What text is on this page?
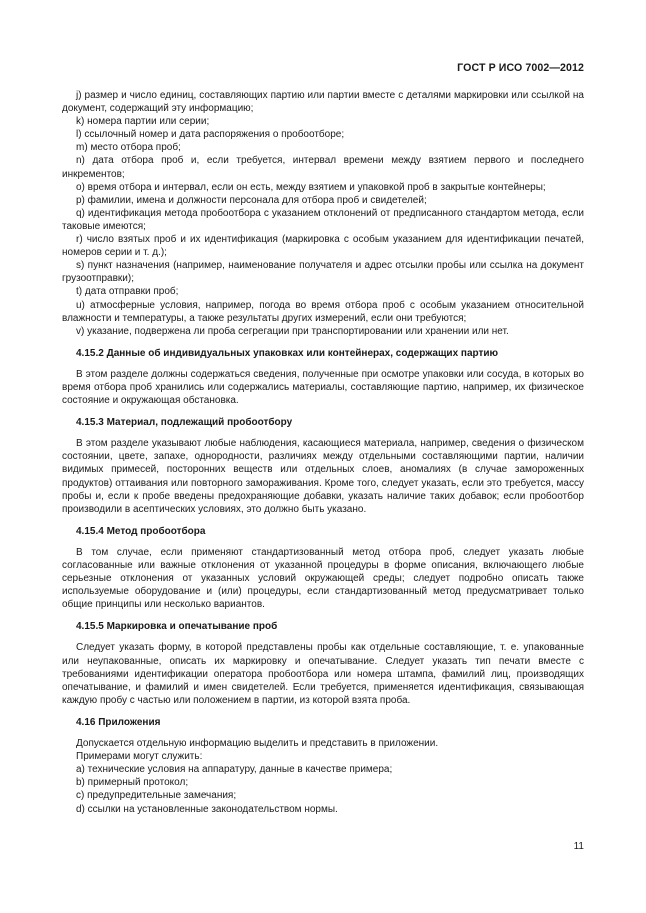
ГОСТ Р ИСО 7002—2012

j) размер и число единиц, составляющих партию или партии вместе с деталями маркировки или ссылкой на документ, содержащий эту информацию;

k) номера партии или серии;

l) ссылочный номер и дата распоряжения о пробоотборе;

m) место отбора проб;

n) дата отбора проб и, если требуется, интервал времени между взятием первого и последнего инкрементов;

o) время отбора и интервал, если он есть, между взятием и упаковкой проб в закрытые контейнеры;

p) фамилии, имена и должности персонала для отбора проб и свидетелей;

q) идентификация метода пробоотбора с указанием отклонений от предписанного стандартом метода, если таковые имеются;

r) число взятых проб и их идентификация (маркировка с особым указанием для идентификации печатей, номеров серии и т. д.);

s) пункт назначения (например, наименование получателя и адрес отсылки пробы или ссылка на документ грузоотправки);

t) дата отправки проб;

u) атмосферные условия, например, погода во время отбора проб с особым указанием относительной влажности и температуры, а также результаты других измерений, если они требуются;

v) указание, подвержена ли проба сегрегации при транспортировании или хранении или нет.

4.15.2 Данные об индивидуальных упаковках или контейнерах, содержащих партию

В этом разделе должны содержаться сведения, полученные при осмотре упаковки или сосуда, в которых во время отбора проб хранились или содержались материалы, составляющие партию, например, их физическое состояние и окружающая обстановка.

4.15.3 Материал, подлежащий пробоотбору

В этом разделе указывают любые наблюдения, касающиеся материала, например, сведения о физическом состоянии, цвете, запахе, однородности, различиях между отдельными составляющими партии, наличии видимых примесей, посторонних веществ или отдельных слоев, аномалиях (в случае замороженных продуктов) оттаивания или повторного замораживания. Кроме того, следует указать, если это требуется, массу пробы и, если к пробе введены предохраняющие добавки, указать наличие таких добавок; если пробоотбор производили в асептических условиях, это должно быть указано.

4.15.4 Метод пробоотбора

В том случае, если применяют стандартизованный метод отбора проб, следует указать любые согласованные или важные отклонения от указанной процедуры в форме описания, включающего любые серьезные отклонения от указанных условий окружающей среды; следует подробно описать также используемые оборудование и (или) процедуры, если стандартизованный метод предусматривает только общие принципы или несколько вариантов.

4.15.5 Маркировка и опечатывание проб

Следует указать форму, в которой представлены пробы как отдельные составляющие, т. е. упакованные или неупакованные, описать их маркировку и опечатывание. Следует указать тип печати вместе с требованиями идентификации оператора пробоотбора или номера штампа, фамилий лиц, производящих опечатывание, и фамилий и имен свидетелей. Если требуется, применяется идентификация, связывающая каждую пробу с частью или положением в партии, из которой взята проба.

4.16 Приложения

Допускается отдельную информацию выделить и представить в приложении.

Примерами могут служить:

a) технические условия на аппаратуру, данные в качестве примера;

b) примерный протокол;

c) предупредительные замечания;

d) ссылки на установленные законодательством нормы.

11
